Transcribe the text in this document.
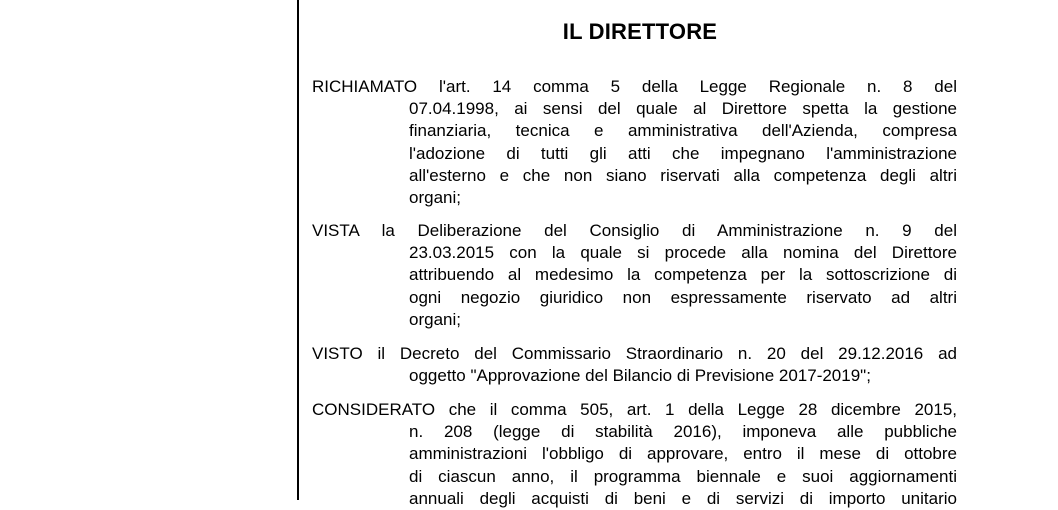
IL DIRETTORE
RICHIAMATO l'art. 14 comma 5 della Legge Regionale n. 8 del
07.04.1998, ai sensi del quale al Direttore spetta la gestione
finanziaria, tecnica e amministrativa dell'Azienda, compresa
l'adozione di tutti gli atti che impegnano l'amministrazione
all'esterno e che non siano riservati alla competenza degli altri
organi;
VISTA la Deliberazione del Consiglio di Amministrazione n. 9 del
23.03.2015 con la quale si procede alla nomina del Direttore
attribuendo al medesimo la competenza per la sottoscrizione di
ogni negozio giuridico non espressamente riservato ad altri
organi;
VISTO il Decreto del Commissario Straordinario n. 20 del 29.12.2016 ad
oggetto "Approvazione del Bilancio di Previsione 2017-2019";
CONSIDERATO che il comma 505, art. 1 della Legge 28 dicembre 2015,
n. 208 (legge di stabilità 2016), imponeva alle pubbliche
amministrazioni l'obbligo di approvare, entro il mese di ottobre
di ciascun anno, il programma biennale e suoi aggiornamenti
annuali degli acquisti di beni e di servizi di importo unitario
